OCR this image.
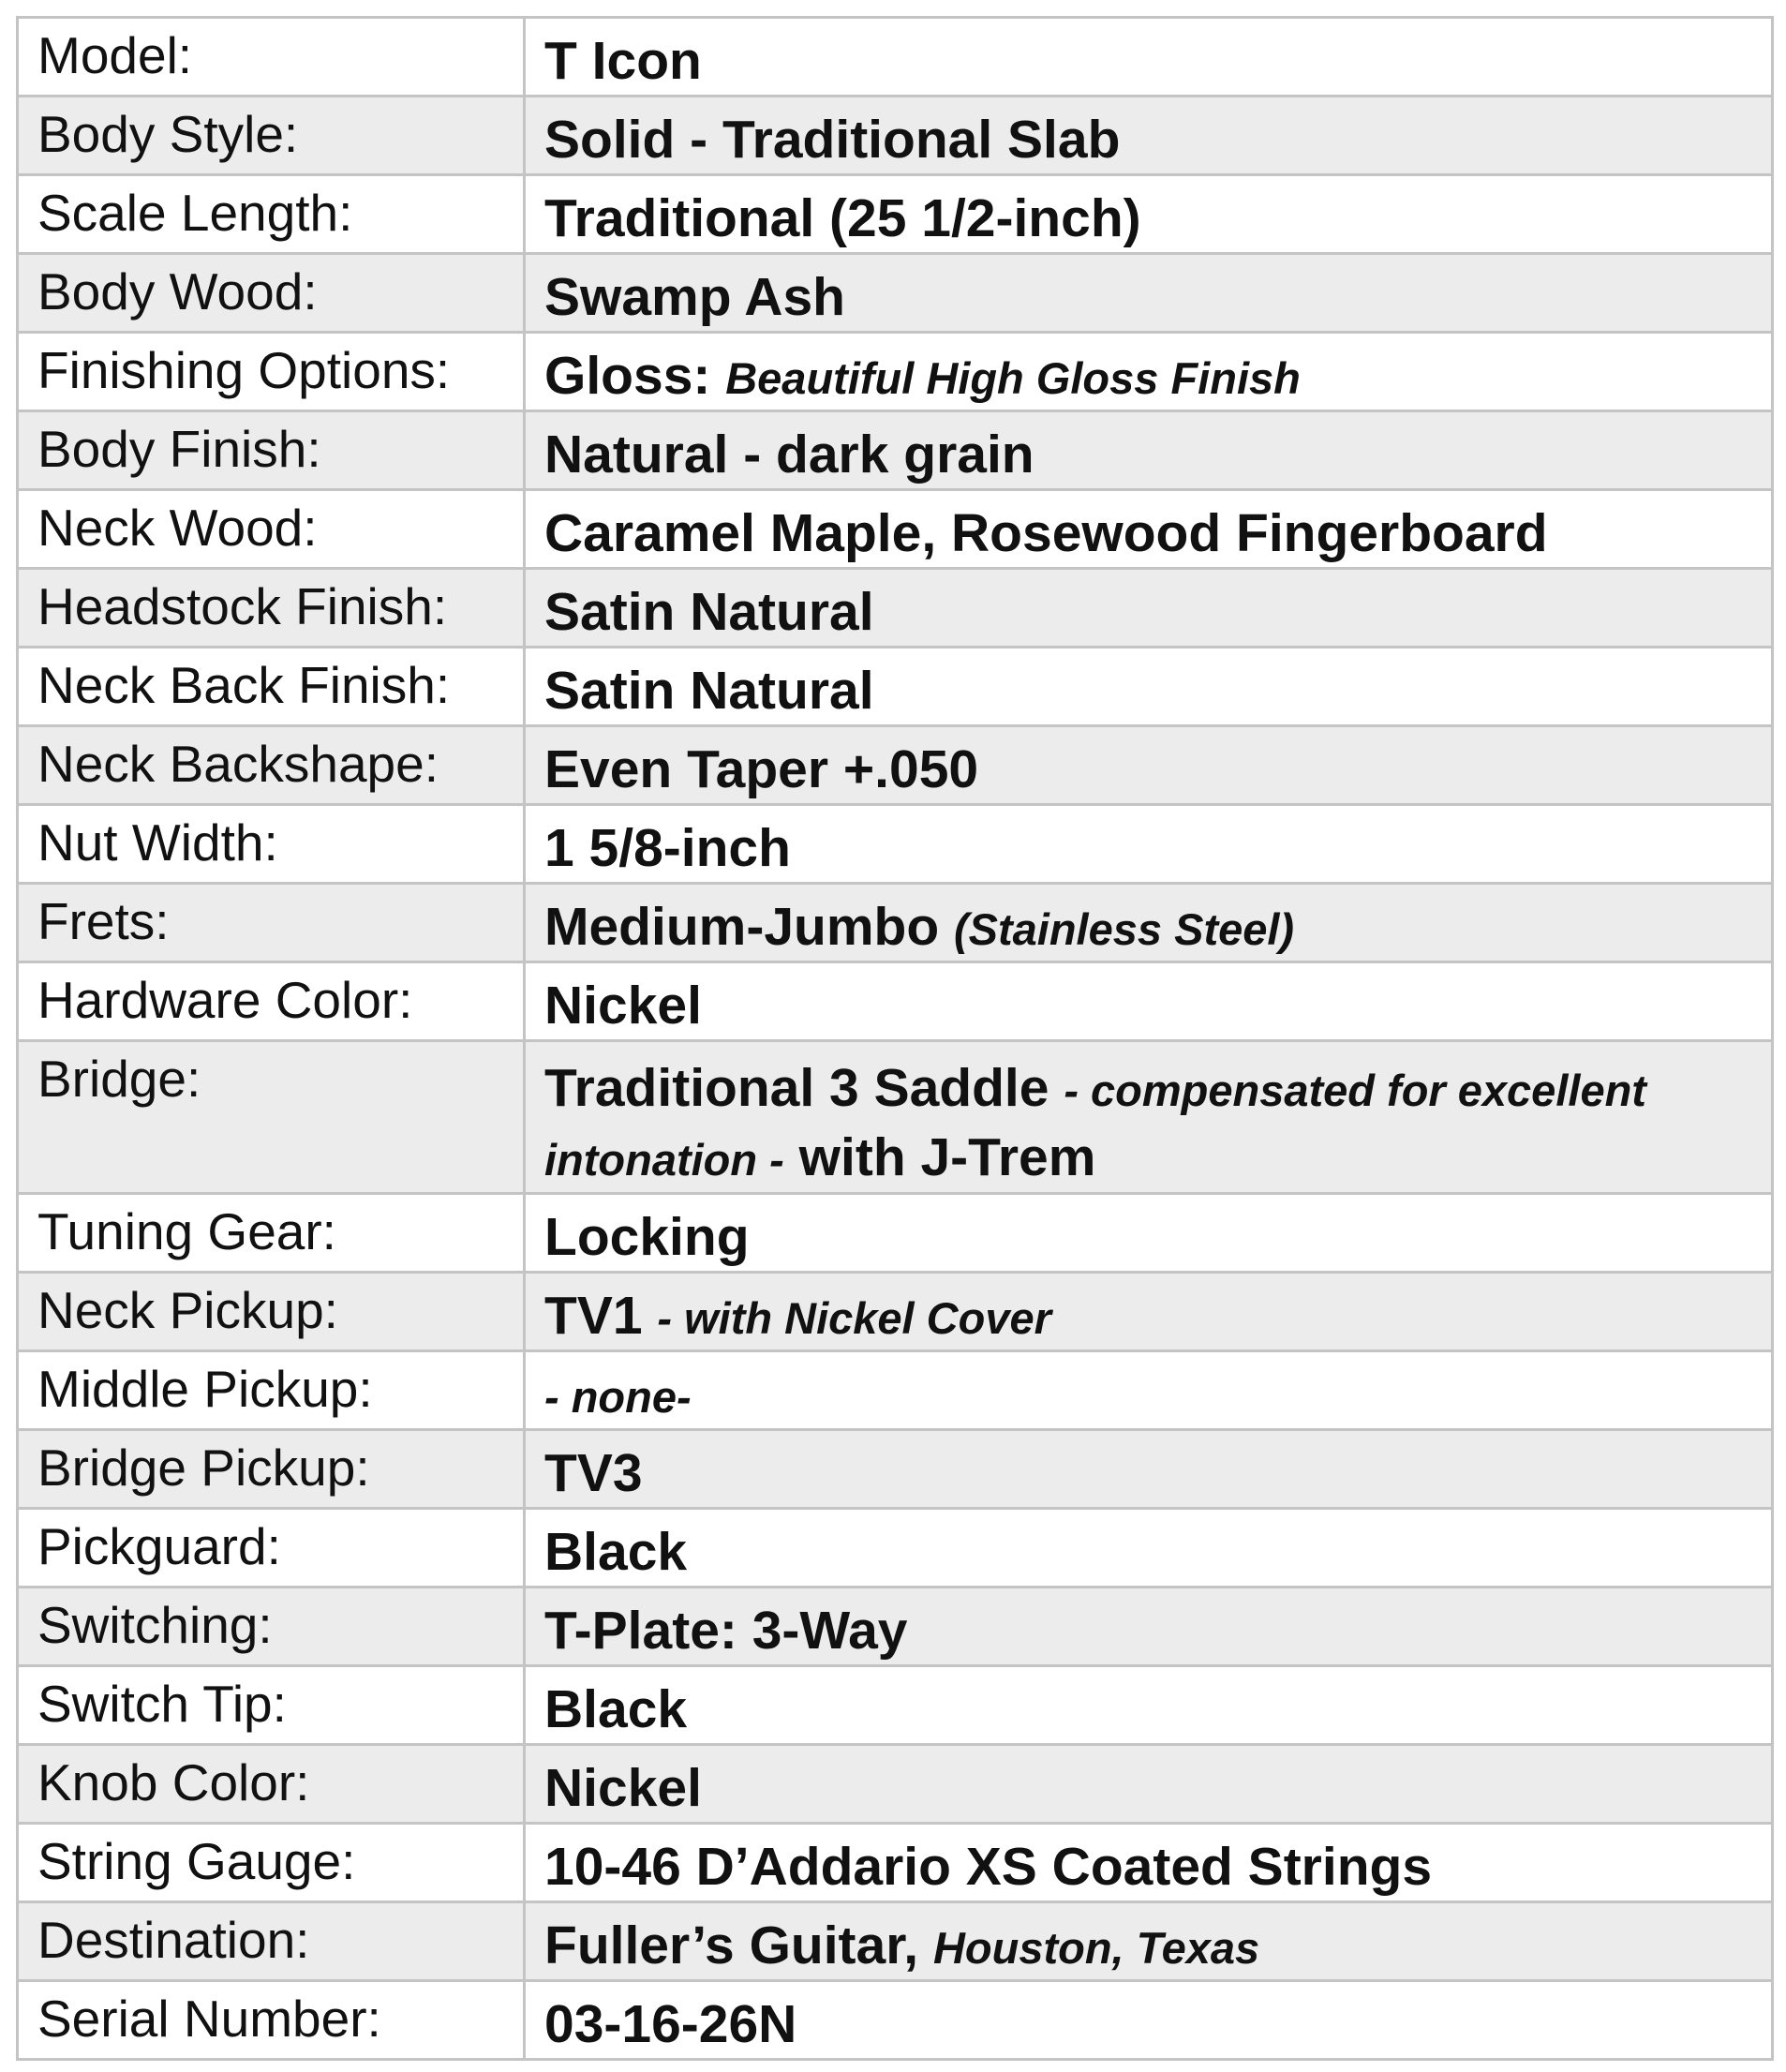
Model:	T Icon
Body Style:	Solid - Traditional Slab
Scale Length:	Traditional (25 1/2-inch)
Body Wood:	Swamp Ash
Finishing Options:	Gloss: Beautiful High Gloss Finish
Body Finish:	Natural - dark grain
Neck Wood:	Caramel Maple, Rosewood Fingerboard
Headstock Finish:	Satin Natural
Neck Back Finish:	Satin Natural
Neck Backshape:	Even Taper +.050
Nut Width:	1 5/8-inch
Frets:	Medium-Jumbo (Stainless Steel)
Hardware Color:	Nickel
Bridge:	Traditional 3 Saddle - compensated for excellent intonation - with J-Trem
Tuning Gear:	Locking
Neck Pickup:	TV1 - with Nickel Cover
Middle Pickup:	- none-
Bridge Pickup:	TV3
Pickguard:	Black
Switching:	T-Plate: 3-Way
Switch Tip:	Black
Knob Color:	Nickel
String Gauge:	10-46 D’Addario XS Coated Strings
Destination:	Fuller’s Guitar, Houston, Texas
Serial Number:	03-16-26N
